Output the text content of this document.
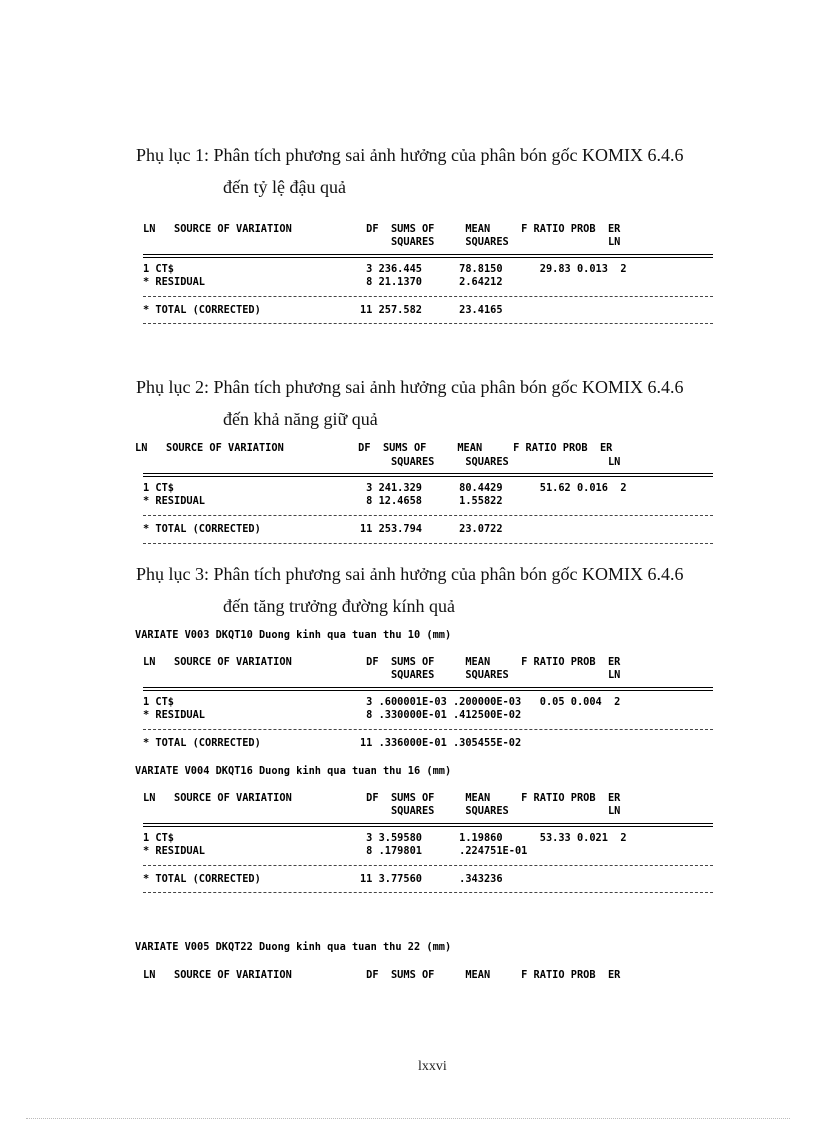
Phụ lục 1: Phân tích phương sai ảnh hưởng của phân bón gốc KOMIX 6.4.6
đến tỷ lệ đậu quả
LN   SOURCE OF VARIATION            DF  SUMS OF     MEAN     F RATIO PROB  ER
SQUARES     SQUARES                LN
1 CT$                               3 236.445      78.8150      29.83 0.013  2
* RESIDUAL                          8 21.1370      2.64212
* TOTAL (CORRECTED)                11 257.582      23.4165
Phụ lục 2: Phân tích phương sai ảnh hưởng của phân bón gốc KOMIX 6.4.6
đến khả năng giữ quả
LN   SOURCE OF VARIATION            DF  SUMS OF     MEAN     F RATIO PROB  ER
SQUARES     SQUARES                LN
1 CT$                               3 241.329      80.4429      51.62 0.016  2
* RESIDUAL                          8 12.4658      1.55822
* TOTAL (CORRECTED)                11 253.794      23.0722
Phụ lục 3: Phân tích phương sai ảnh hưởng của phân bón gốc KOMIX 6.4.6
đến tăng trưởng đường kính quả
VARIATE V003 DKQT10 Duong kinh qua tuan thu 10 (mm)
LN   SOURCE OF VARIATION            DF  SUMS OF     MEAN     F RATIO PROB  ER
SQUARES     SQUARES                LN
1 CT$                               3 .600001E-03 .200000E-03   0.05 0.004  2
* RESIDUAL                          8 .330000E-01 .412500E-02
* TOTAL (CORRECTED)                11 .336000E-01 .305455E-02
VARIATE V004 DKQT16 Duong kinh qua tuan thu 16 (mm)
LN   SOURCE OF VARIATION            DF  SUMS OF     MEAN     F RATIO PROB  ER
SQUARES     SQUARES                LN
1 CT$                               3 3.59580      1.19860      53.33 0.021  2
* RESIDUAL                          8 .179801      .224751E-01
* TOTAL (CORRECTED)                11 3.77560      .343236
VARIATE V005 DKQT22 Duong kinh qua tuan thu 22 (mm)
LN   SOURCE OF VARIATION            DF  SUMS OF     MEAN     F RATIO PROB  ER
lxxvi
